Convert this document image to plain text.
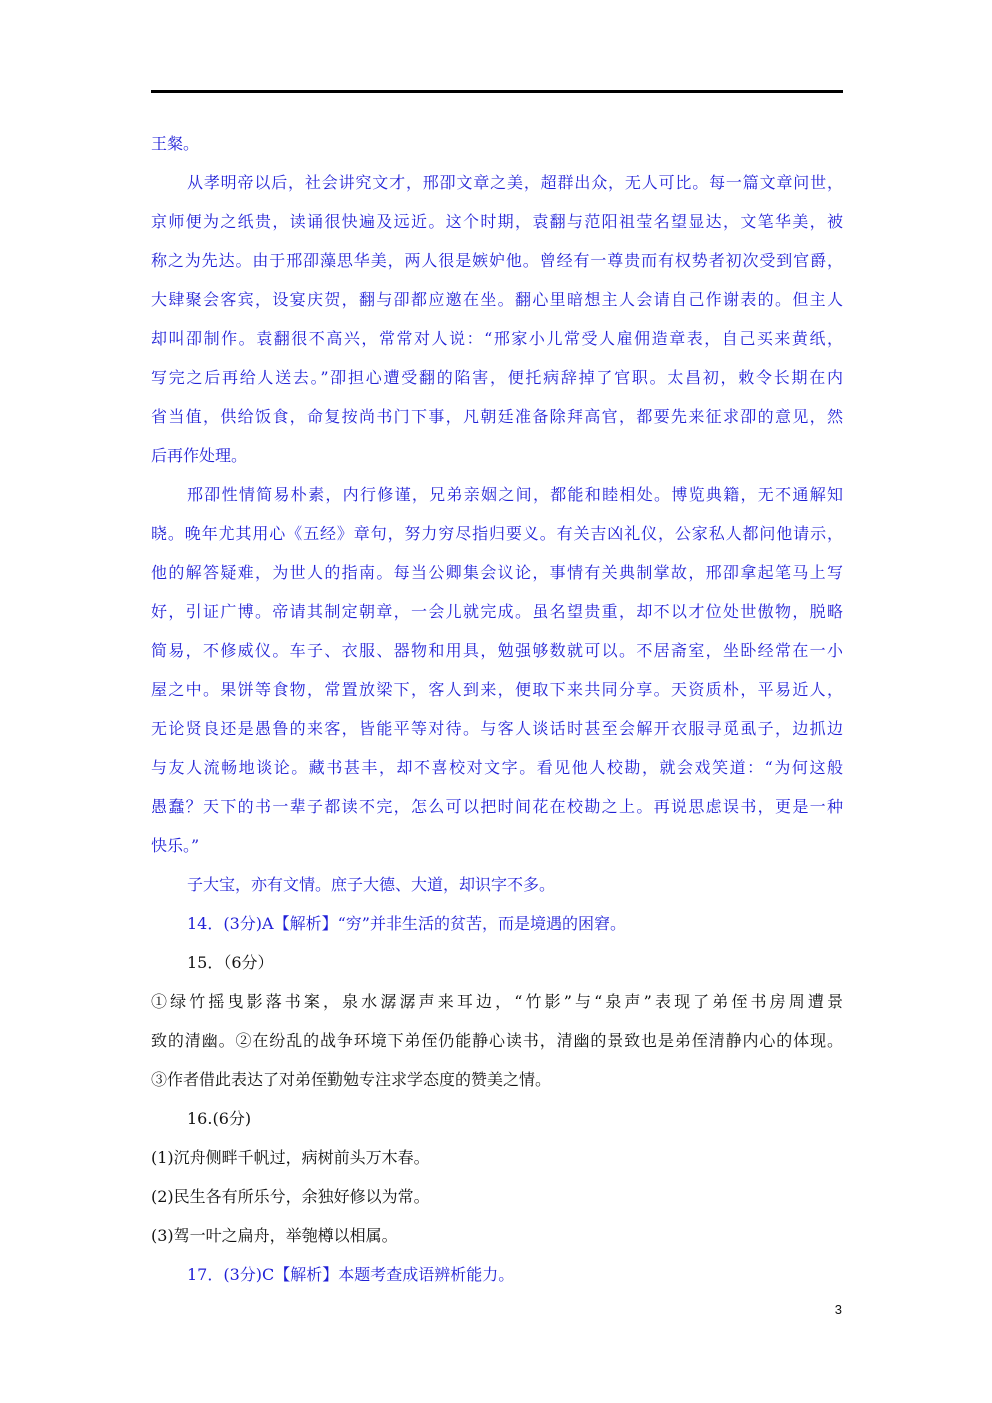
王粲。
从孝明帝以后，社会讲究文才，邢卲文章之美，超群出众，无人可比。每一篇文章问世，
京师便为之纸贵，读诵很快遍及远近。这个时期，袁翻与范阳祖莹名望显达，文笔华美，被
称之为先达。由于邢卲藻思华美，两人很是嫉妒他。曾经有一尊贵而有权势者初次受到官爵，
大肆聚会客宾，设宴庆贺，翻与卲都应邀在坐。翻心里暗想主人会请自己作谢表的。但主人
却叫卲制作。袁翻很不高兴，常常对人说：“邢家小儿常受人雇佣造章表，自己买来黄纸，
写完之后再给人送去。”卲担心遭受翻的陷害，便托病辞掉了官职。太昌初，敕令长期在内
省当值，供给饭食，命复按尚书门下事，凡朝廷准备除拜高官，都要先来征求卲的意见，然
后再作处理。
邢卲性情简易朴素，内行修谨，兄弟亲姻之间，都能和睦相处。博览典籍，无不通解知
晓。晚年尤其用心《五经》章句，努力穷尽指归要义。有关吉凶礼仪，公家私人都问他请示，
他的解答疑难，为世人的指南。每当公卿集会议论，事情有关典制掌故，邢卲拿起笔马上写
好，引证广博。帝请其制定朝章，一会儿就完成。虽名望贵重，却不以才位处世傲物，脱略
简易，不修威仪。车子、衣服、器物和用具，勉强够数就可以。不居斋室，坐卧经常在一小
屋之中。果饼等食物，常置放梁下，客人到来，便取下来共同分享。天资质朴，平易近人，
无论贤良还是愚鲁的来客，皆能平等对待。与客人谈话时甚至会解开衣服寻觅虱子，边抓边
与友人流畅地谈论。藏书甚丰，却不喜校对文字。看见他人校勘，就会戏笑道：“为何这般
愚蠢？天下的书一辈子都读不完，怎么可以把时间花在校勘之上。再说思虑误书，更是一种
快乐。”
子大宝，亦有文情。庶子大德、大道，却识字不多。
14．(3分)A【解析】“穷”并非生活的贫苦，而是境遇的困窘。
15．（6分）
①绿竹摇曳影落书案，泉水潺潺声来耳边，“竹影”与“泉声”表现了弟侄书房周遭景
致的清幽。②在纷乱的战争环境下弟侄仍能静心读书，清幽的景致也是弟侄清静内心的体现。
③作者借此表达了对弟侄勤勉专注求学态度的赞美之情。
16.(6分)
(1)沉舟侧畔千帆过，病树前头万木春。
(2)民生各有所乐兮，余独好修以为常。
(3)驾一叶之扁舟，举匏樽以相属。
17．(3分)C【解析】本题考查成语辨析能力。
3
